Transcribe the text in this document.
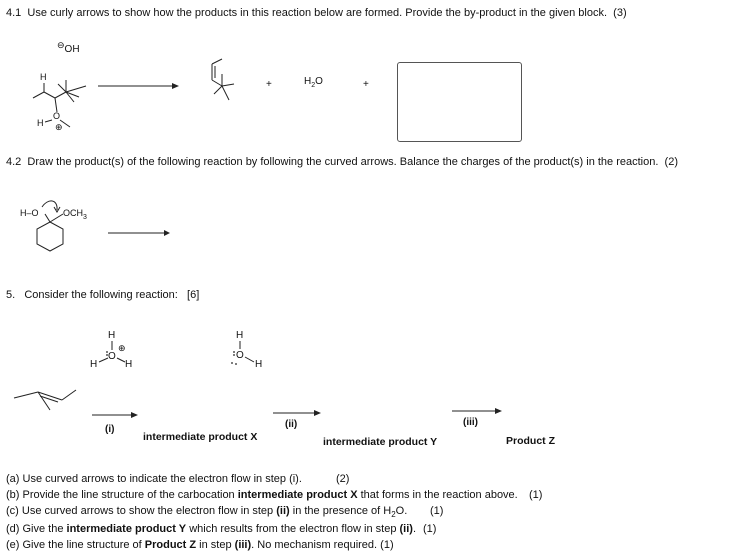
4.1 Use curly arrows to show how the products in this reaction below are formed. Provide the by-product in the given block. (3)
⊖OH
H
O
H ⊕
+	$H_2O$	+
4.2 Draw the product(s) of the following reaction by following the curved arrows. Balance the charges of the product(s) in the reaction. (2)
H–O	$OCH_3$
5. Consider the following reaction: [6]
H
⊕
O
H	H
H
O
H
(i)	(ii)	(iii)
intermediate product X	intermediate product Y	Product Z
(a) Use curved arrows to indicate the electron flow in step (i).	(2)
(b) Provide the line structure of the carbocation intermediate product X that forms in the reaction above. (1)
(c) Use curved arrows to show the electron flow in step (ii) in the presence of $H_2O$. (1)
(d) Give the intermediate product Y which results from the electron flow in step (ii). (1)
(e) Give the line structure of Product Z in step (iii). No mechanism required. (1)
